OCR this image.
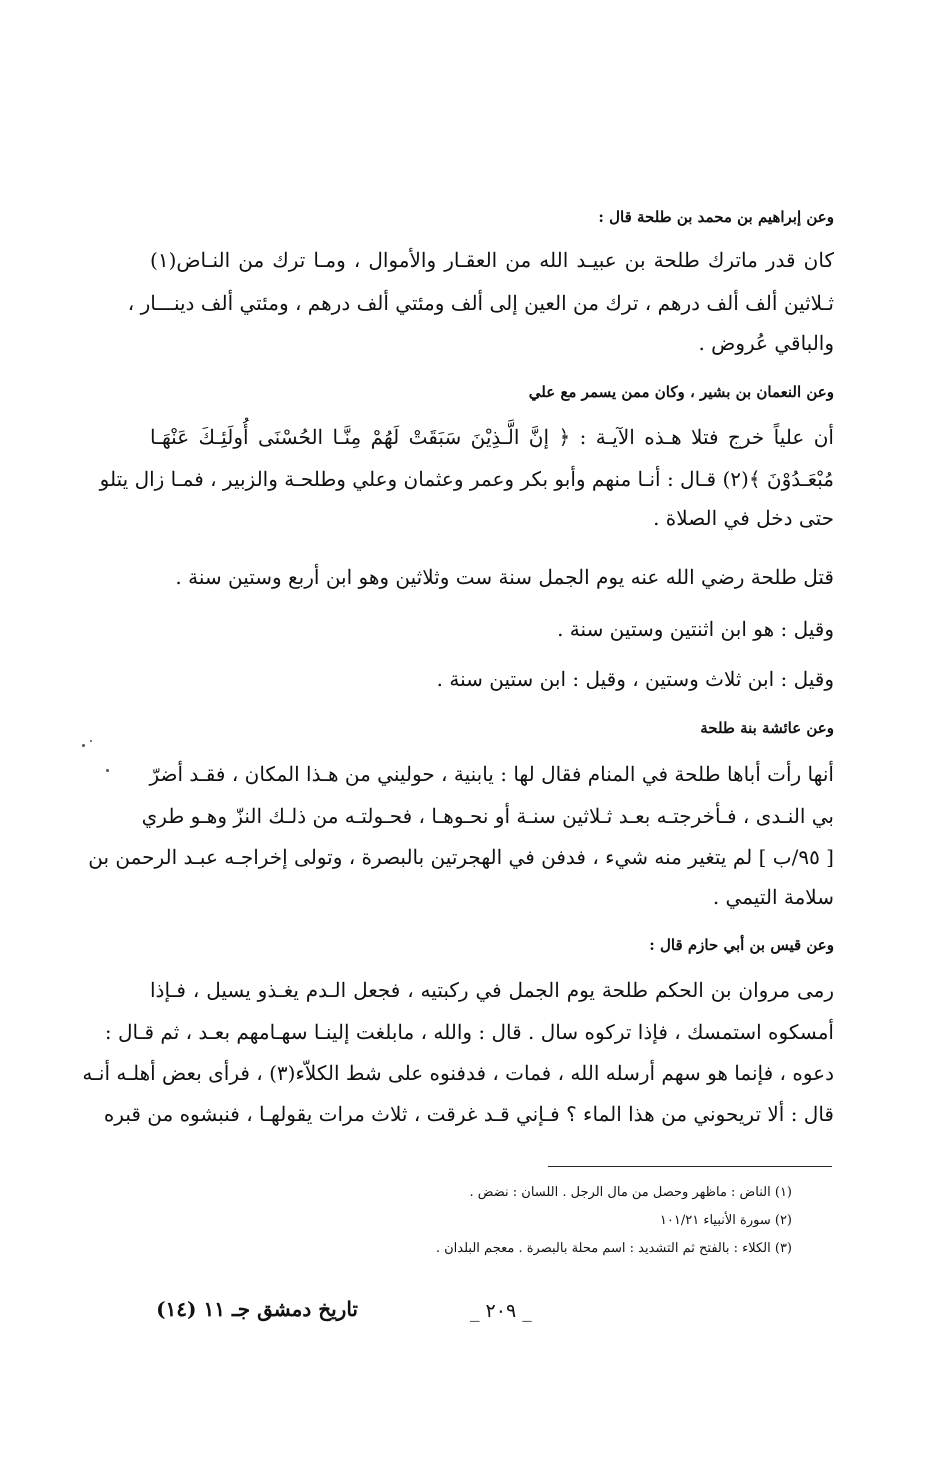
وعن إبراهيم بن محمد بن طلحة قال :
كان قدر ماترك طلحة بن عبيـد الله من العقـار والأموال ، ومـا ترك من النـاض(١)
ثـلاثين ألف ألف درهم ، ترك من العين إلى ألف ومئتي ألف درهم ، ومئتي ألف دينـــار ،
والباقي عُروض .
وعن النعمان بن بشير ، وكان ممن يسمر مع علي
أن علياً خرج فتلا هـذه الآيـة : ﴿ إنَّ الَّـذِيْنَ سَبَقَتْ لَهُمْ مِنَّـا الحُسْنَى أُولَئِـكَ عَنْهَـا
مُبْعَـدُوْنَ ﴾(٢) قـال : أنـا منهم وأبو بكر وعمر وعثمان وعلي وطلحـة والزبير ، فمـا زال يتلو
حتى دخل في الصلاة .
قتل طلحة رضي الله عنه يوم الجمل سنة ست وثلاثين وهو ابن أربع وستين سنة .
وقيل : هو ابن اثنتين وستين سنة .
وقيل : ابن ثلاث وستين ، وقيل : ابن ستين سنة .
وعن عائشة بنة طلحة
أنها رأت أباها طلحة في المنام فقال لها : يابنية ، حوليني من هـذا المكان ، فقـد أضرّ
بي النـدى ، فـأخرجتـه بعـد ثـلاثين سنـة أو نحـوهـا ، فحـولتـه من ذلـك النزّ وهـو طري
[ ٩٥/ب ] لم يتغير منه شيء ، فدفن في الهجرتين بالبصرة ، وتولى إخراجـه عبـد الرحمن بن
سلامة التيمي .
وعن قيس بن أبي حازم قال :
رمى مروان بن الحكم طلحة يوم الجمل في ركبتيه ، فجعل الـدم يغـذو يسيل ، فـإذا
أمسكوه استمسك ، فإذا تركوه سال . قال : والله ، مابلغت إلينـا سهـامهم بعـد ، ثم قـال :
دعوه ، فإنما هو سهم أرسله الله ، فمات ، فدفنوه على شط الكلاّء(٣) ، فرأى بعض أهلـه أنـه
قال : ألا تريحوني من هذا الماء ؟ فـإني قـد غرقت ، ثلاث مرات يقولهـا ، فنبشوه من قبره
(١) الناض : ماظهر وحصل من مال الرجل . اللسان : نضض .
(٢) سورة الأنبياء ١٠١/٢١
(٣) الكلاء : بالفتح ثم التشديد : اسم محلة بالبصرة . معجم البلدان .
تاريخ دمشق جـ ١١ (١٤)	_ ٢٠٩ _
